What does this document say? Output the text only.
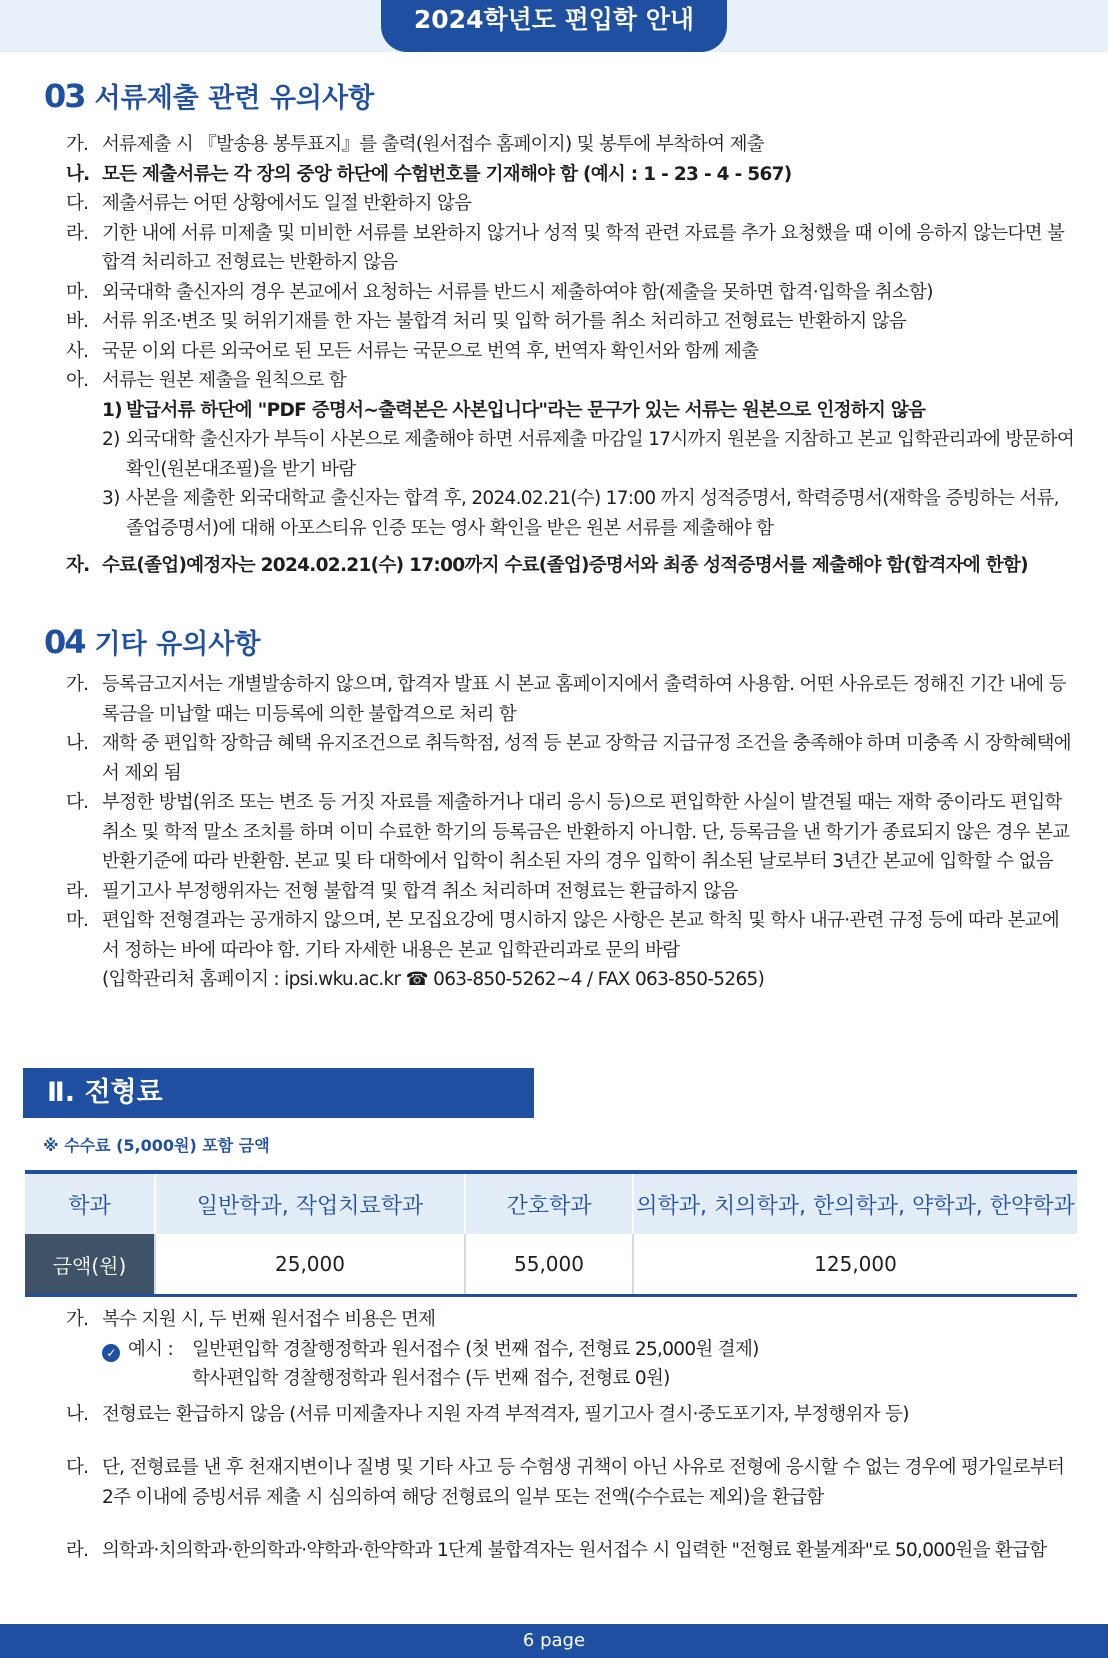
2024학년도 편입학 안내
03 서류제출 관련 유의사항
가. 서류제출 시 『발송용 봉투표지』를 출력(원서접수 홈페이지) 및 봉투에 부착하여 제출
나. 모든 제출서류는 각 장의 중앙 하단에 수험번호를 기재해야 함 (예시 : 1 - 23 - 4 - 567)
다. 제출서류는 어떤 상황에서도 일절 반환하지 않음
라. 기한 내에 서류 미제출 및 미비한 서류를 보완하지 않거나 성적 및 학적 관련 자료를 추가 요청했을 때 이에 응하지 않는다면 불합격 처리하고 전형료는 반환하지 않음
마. 외국대학 출신자의 경우 본교에서 요청하는 서류를 반드시 제출하여야 함(제출을 못하면 합격·입학을 취소함)
바. 서류 위조·변조 및 허위기재를 한 자는 불합격 처리 및 입학 허가를 취소 처리하고 전형료는 반환하지 않음
사. 국문 이외 다른 외국어로 된 모든 서류는 국문으로 번역 후, 번역자 확인서와 함께 제출
아. 서류는 원본 제출을 원칙으로 함
1) 발급서류 하단에 "PDF 증명서~출력본은 사본입니다"라는 문구가 있는 서류는 원본으로 인정하지 않음
2) 외국대학 출신자가 부득이 사본으로 제출해야 하면 서류제출 마감일 17시까지 원본을 지참하고 본교 입학관리과에 방문하여 확인(원본대조필)을 받기 바람
3) 사본을 제출한 외국대학교 출신자는 합격 후, 2024.02.21(수) 17:00 까지 성적증명서, 학력증명서(재학을 증빙하는 서류, 졸업증명서)에 대해 아포스티유 인증 또는 영사 확인을 받은 원본 서류를 제출해야 함
자. 수료(졸업)예정자는 2024.02.21(수) 17:00까지 수료(졸업)증명서와 최종 성적증명서를 제출해야 함(합격자에 한함)
04 기타 유의사항
가. 등록금고지서는 개별발송하지 않으며, 합격자 발표 시 본교 홈페이지에서 출력하여 사용함. 어떤 사유로든 정해진 기간 내에 등록금을 미납할 때는 미등록에 의한 불합격으로 처리 함
나. 재학 중 편입학 장학금 혜택 유지조건으로 취득학점, 성적 등 본교 장학금 지급규정 조건을 충족해야 하며 미충족 시 장학혜택에서 제외 됨
다. 부정한 방법(위조 또는 변조 등 거짓 자료를 제출하거나 대리 응시 등)으로 편입학한 사실이 발견될 때는 재학 중이라도 편입학 취소 및 학적 말소 조치를 하며 이미 수료한 학기의 등록금은 반환하지 아니함. 단, 등록금을 낸 학기가 종료되지 않은 경우 본교 반환기준에 따라 반환함. 본교 및 타 대학에서 입학이 취소된 자의 경우 입학이 취소된 날로부터 3년간 본교에 입학할 수 없음
라. 필기고사 부정행위자는 전형 불합격 및 합격 취소 처리하며 전형료는 환급하지 않음
마. 편입학 전형결과는 공개하지 않으며, 본 모집요강에 명시하지 않은 사항은 본교 학칙 및 학사 내규·관련 규정 등에 따라 본교에서 정하는 바에 따라야 함. 기타 자세한 내용은 본교 입학관리과로 문의 바람
(입학관리처 홈페이지 : ipsi.wku.ac.kr ☎ 063-850-5262~4 / FAX 063-850-5265)
Ⅱ. 전형료
※ 수수료 (5,000원) 포함 금액
학과	일반학과, 작업치료학과	간호학과	의학과, 치의학과, 한의학과, 약학과, 한약학과
금액(원)	25,000	55,000	125,000
가. 복수 지원 시, 두 번째 원서접수 비용은 면제
✓ 예시 :	일반편입학 경찰행정학과 원서접수 (첫 번째 접수, 전형료 25,000원 결제)
학사편입학 경찰행정학과 원서접수 (두 번째 접수, 전형료 0원)
나. 전형료는 환급하지 않음 (서류 미제출자나 지원 자격 부적격자, 필기고사 결시·중도포기자, 부정행위자 등)
다. 단, 전형료를 낸 후 천재지변이나 질병 및 기타 사고 등 수험생 귀책이 아닌 사유로 전형에 응시할 수 없는 경우에 평가일로부터 2주 이내에 증빙서류 제출 시 심의하여 해당 전형료의 일부 또는 전액(수수료는 제외)을 환급함
라. 의학과·치의학과·한의학과·약학과·한약학과 1단계 불합격자는 원서접수 시 입력한 "전형료 환불계좌"로 50,000원을 환급함
6 page
